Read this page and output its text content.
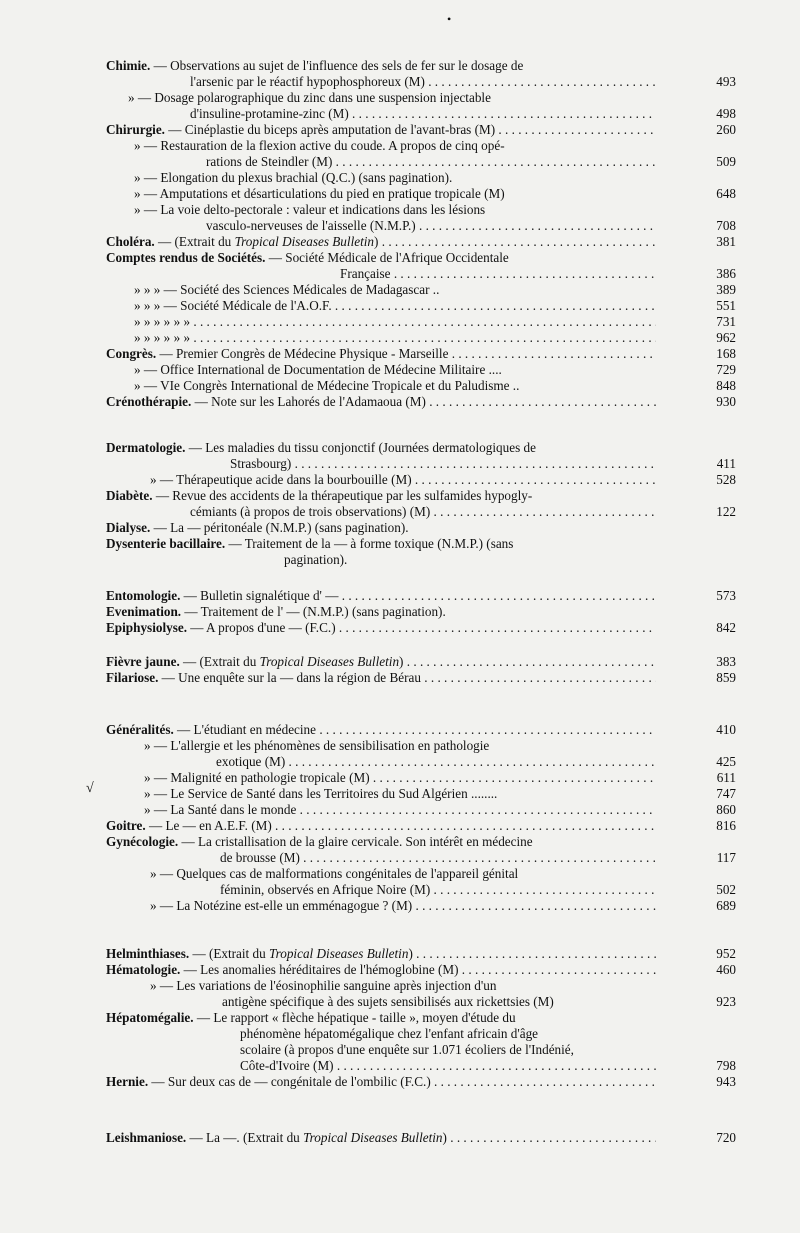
•
√
Chimie. — Observations au sujet de l'influence des sels de fer sur le dosage de
l'arsenic par le réactif hypophosphoreux (M) . . .	493
» — Dosage polarographique du zinc dans une suspension injectable
d'insuline-protamine-zinc (M) . . .	498
Chirurgie. — Cinéplastie du biceps après amputation de l'avant-bras (M) . . .	260
» — Restauration de la flexion active du coude. A propos de cinq opé-
rations de Steindler (M) . . .	509
» — Elongation du plexus brachial (Q.C.) (sans pagination).
» — Amputations et désarticulations du pied en pratique tropicale (M)	648
» — La voie delto-pectorale : valeur et indications dans les lésions
vasculo-nerveuses de l'aisselle (N.M.P.) . . .	708
Choléra. — (Extrait du Tropical Diseases Bulletin) . . .	381
Comptes rendus de Sociétés. — Société Médicale de l'Afrique Occidentale
Française . . .	386
» » » — Société des Sciences Médicales de Madagascar ..	389
» » » — Société Médicale de l'A.O.F. . . .	551
» » » » » » . . .	731
» » » » » » . . .	962
Congrès. — Premier Congrès de Médecine Physique - Marseille . . .	168
» — Office International de Documentation de Médecine Militaire ....	729
» — VIe Congrès International de Médecine Tropicale et du Paludisme ..	848
Crénothérapie. — Note sur les Lahorés de l'Adamaoua (M) . . .	930
Dermatologie. — Les maladies du tissu conjonctif (Journées dermatologiques de
Strasbourg) . . .	411
» — Thérapeutique acide dans la bourbouille (M) . . .	528
Diabète. — Revue des accidents de la thérapeutique par les sulfamides hypogly-
cémiants (à propos de trois observations) (M) . . .	122
Dialyse. — La — péritonéale (N.M.P.) (sans pagination).
Dysenterie bacillaire. — Traitement de la — à forme toxique (N.M.P.) (sans
pagination).
Entomologie. — Bulletin signalétique d' — . . .	573
Evenimation. — Traitement de l' — (N.M.P.) (sans pagination).
Epiphysiolyse. — A propos d'une — (F.C.) . . .	842
Fièvre jaune. — (Extrait du Tropical Diseases Bulletin) . . .	383
Filariose. — Une enquête sur la — dans la région de Bérau . . .	859
Généralités. — L'étudiant en médecine . . .	410
» — L'allergie et les phénomènes de sensibilisation en pathologie
exotique (M) . . .	425
» — Malignité en pathologie tropicale (M) . . .	611
» — Le Service de Santé dans les Territoires du Sud Algérien ........	747
» — La Santé dans le monde . . .	860
Goitre. — Le — en A.E.F. (M) . . .	816
Gynécologie. — La cristallisation de la glaire cervicale. Son intérêt en médecine
de brousse (M) . . .	117
» — Quelques cas de malformations congénitales de l'appareil génital
féminin, observés en Afrique Noire (M) . . .	502
» — La Notézine est-elle un emménagogue ? (M) . . .	689
Helminthiases. — (Extrait du Tropical Diseases Bulletin) . . .	952
Hématologie. — Les anomalies héréditaires de l'hémoglobine (M) . . .	460
» — Les variations de l'éosinophilie sanguine après injection d'un
antigène spécifique à des sujets sensibilisés aux rickettsies (M)	923
Hépatomégalie. — Le rapport « flèche hépatique - taille », moyen d'étude du
phénomène hépatomégalique chez l'enfant africain d'âge
scolaire (à propos d'une enquête sur 1.071 écoliers de l'Indénié,
Côte-d'Ivoire (M) . . .	798
Hernie. — Sur deux cas de — congénitale de l'ombilic (F.C.) . . .	943
Leishmaniose. — La —. (Extrait du Tropical Diseases Bulletin) . . .	720
